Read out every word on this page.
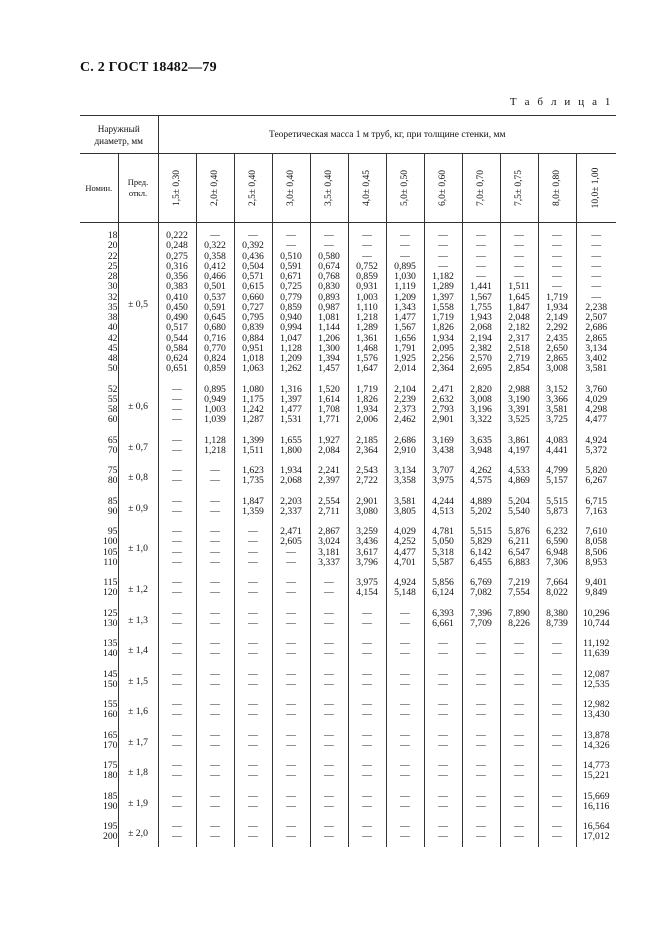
С. 2 ГОСТ 18482—79
Т а б л и ц а 1
Наружный диаметр, мм		Теоретическая масса 1 м труб, кг, при толщине стенки, мм											
Номин.	Пред. откл.	1,5± 0,30	2,0± 0,40	2,5± 0,40	3,0± 0,40	3,5± 0,40	4,0± 0,45	5,0± 0,50	6,0± 0,60	7,0± 0,70	7,5± 0,75	8,0± 0,80	10,0± 1,00

18	± 0,5	0,222	—	—	—	—	—	—	—	—	—	—	—
20		0,248	0,322	0,392	—	—	—	—	—	—	—	—	—
22		0,275	0,358	0,436	0,510	0,580	—	—	—	—	—	—	—
25		0,316	0,412	0,504	0,591	0,674	0,752	0,895	—	—	—	—	—
28		0,356	0,466	0,571	0,671	0,768	0,859	1,030	1,182	—	—	—	—
30		0,383	0,501	0,615	0,725	0,830	0,931	1,119	1,289	1,441	1,511	—	—
32		0,410	0,537	0,660	0,779	0,893	1,003	1,209	1,397	1,567	1,645	1,719	—
35		0,450	0,591	0,727	0,859	0,987	1,110	1,343	1,558	1,755	1,847	1,934	2,238
38		0,490	0,645	0,795	0,940	1,081	1,218	1,477	1,719	1,943	2,048	2,149	2,507
40		0,517	0,680	0,839	0,994	1,144	1,289	1,567	1,826	2,068	2,182	2,292	2,686
42		0,544	0,716	0,884	1,047	1,206	1,361	1,656	1,934	2,194	2,317	2,435	2,865
45		0,584	0,770	0,951	1,128	1,300	1,468	1,791	2,095	2,382	2,518	2,650	3,134
48		0,624	0,824	1,018	1,209	1,394	1,576	1,925	2,256	2,570	2,719	2,865	3,402
50		0,651	0,859	1,063	1,262	1,457	1,647	2,014	2,364	2,695	2,854	3,008	3,581
52	± 0,6	—	0,895	1,080	1,316	1,520	1,719	2,104	2,471	2,820	2,988	3,152	3,760
55		—	0,949	1,175	1,397	1,614	1,826	2,239	2,632	3,008	3,190	3,366	4,029
58		—	1,003	1,242	1,477	1,708	1,934	2,373	2,793	3,196	3,391	3,581	4,298
60		—	1,039	1,287	1,531	1,771	2,006	2,462	2,901	3,322	3,525	3,725	4,477
65	± 0,7	—	1,128	1,399	1,655	1,927	2,185	2,686	3,169	3,635	3,861	4,083	4,924
70		—	1,218	1,511	1,800	2,084	2,364	2,910	3,438	3,948	4,197	4,441	5,372
75	± 0,8	—	—	1,623	1,934	2,241	2,543	3,134	3,707	4,262	4,533	4,799	5,820
80		—	—	1,735	2,068	2,397	2,722	3,358	3,975	4,575	4,869	5,157	6,267
85	± 0,9	—	—	1,847	2,203	2,554	2,901	3,581	4,244	4,889	5,204	5,515	6,715
90		—	—	1,359	2,337	2,711	3,080	3,805	4,513	5,202	5,540	5,873	7,163
95	± 1,0	—	—	—	2,471	2,867	3,259	4,029	4,781	5,515	5,876	6,232	7,610
100		—	—	—	2,605	3,024	3,436	4,252	5,050	5,829	6,211	6,590	8,058
105		—	—	—	—	3,181	3,617	4,477	5,318	6,142	6,547	6,948	8,506
110		—	—	—	—	3,337	3,796	4,701	5,587	6,455	6,883	7,306	8,953
115	± 1,2	—	—	—	—	—	3,975	4,924	5,856	6,769	7,219	7,664	9,401
120		—	—	—	—	—	4,154	5,148	6,124	7,082	7,554	8,022	9,849
125	± 1,3	—	—	—	—	—	—	—	6,393	7,396	7,890	8,380	10,296
130		—	—	—	—	—	—	—	6,661	7,709	8,226	8,739	10,744
135	± 1,4	—	—	—	—	—	—	—	—	—	—	—	11,192
140		—	—	—	—	—	—	—	—	—	—	—	11,639
145	± 1,5	—	—	—	—	—	—	—	—	—	—	—	12,087
150		—	—	—	—	—	—	—	—	—	—	—	12,535
155	± 1,6	—	—	—	—	—	—	—	—	—	—	—	12,982
160		—	—	—	—	—	—	—	—	—	—	—	13,430
165	± 1,7	—	—	—	—	—	—	—	—	—	—	—	13,878
170		—	—	—	—	—	—	—	—	—	—	—	14,326
175	± 1,8	—	—	—	—	—	—	—	—	—	—	—	14,773
180		—	—	—	—	—	—	—	—	—	—	—	15,221
185	± 1,9	—	—	—	—	—	—	—	—	—	—	—	15,669
190		—	—	—	—	—	—	—	—	—	—	—	16,116
195	± 2,0	—	—	—	—	—	—	—	—	—	—	—	16,564
200		—	—	—	—	—	—	—	—	—	—	—	17,012
